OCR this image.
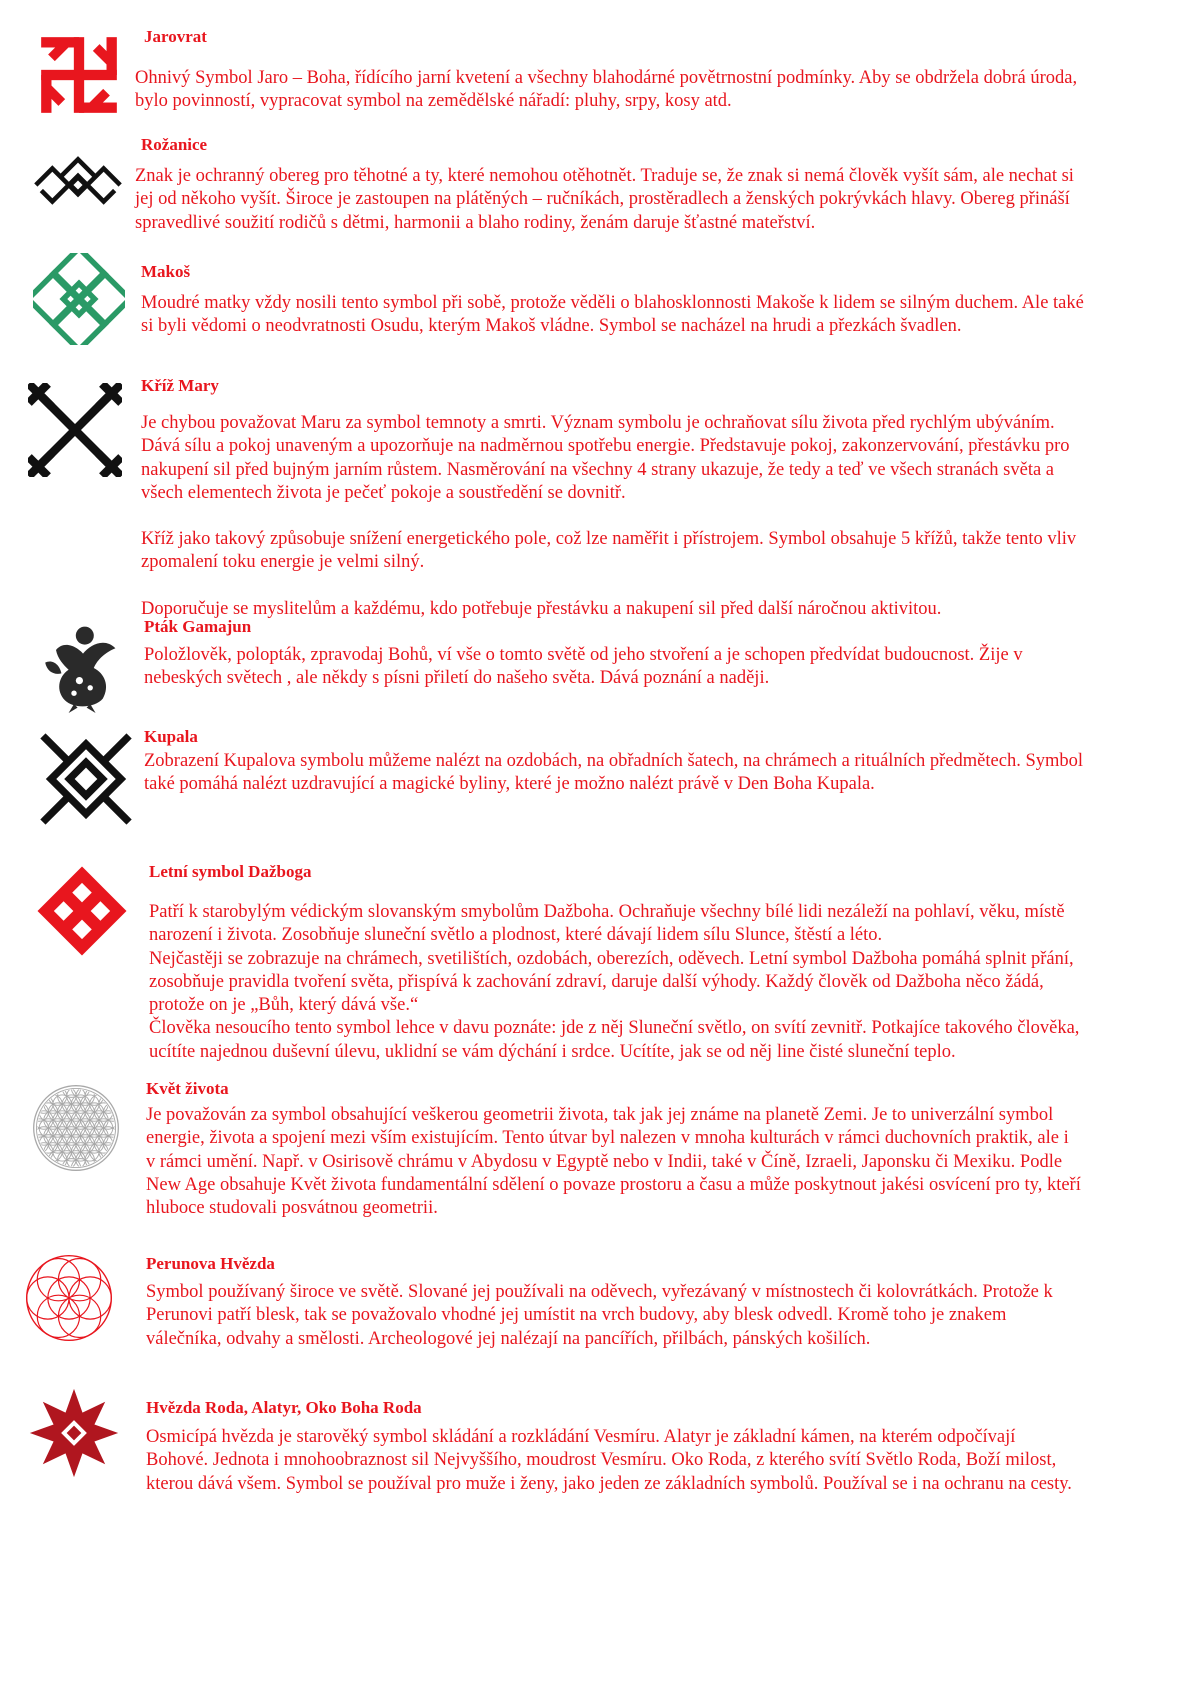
Jarovrat

Ohnivý Symbol Jaro – Boha, řídícího jarní kvetení a všechny blahodárné povětrnostní podmínky. Aby se obdržela dobrá úroda, bylo povinností, vypracovat symbol na zemědělské nářadí: pluhy, srpy, kosy atd.

Rožanice

Znak je ochranný obereg pro těhotné a ty, které nemohou otěhotnět. Traduje se, že znak si nemá člověk vyšít sám, ale nechat si jej od někoho vyšít. Široce je zastoupen na plátěných – ručníkách, prostěradlech a ženských pokrývkách hlavy. Obereg přináší spravedlivé soužití rodičů s dětmi, harmonii a blaho rodiny, ženám daruje šťastné mateřství.

Makoš

Moudré matky vždy nosili tento symbol při sobě, protože věděli o blahosklonnosti Makoše k lidem se silným duchem. Ale také si byli vědomi o neodvratnosti Osudu, kterým Makoš vládne. Symbol se nacházel na hrudi a přezkách švadlen.

Kříž Mary

Je chybou považovat Maru za symbol temnoty a smrti. Význam symbolu je ochraňovat sílu života před rychlým ubýváním. Dává sílu a pokoj unaveným a upozorňuje na nadměrnou spotřebu energie. Představuje pokoj, zakonzervování, přestávku pro nakupení sil před bujným jarním růstem. Nasměrování na všechny 4 strany ukazuje, že tedy a teď ve všech stranách světa a všech elementech života je pečeť pokoje a soustředění se dovnitř.

Kříž jako takový způsobuje snížení energetického pole, což lze naměřit i přístrojem. Symbol obsahuje 5 křížů, takže tento vliv zpomalení toku energie je velmi silný.

Doporučuje se myslitelům a každému, kdo potřebuje přestávku a nakupení sil před další náročnou aktivitou.

Pták Gamajun

Položlověk, polopták, zpravodaj Bohů, ví vše o tomto světě od jeho stvoření a je schopen předvídat budoucnost. Žije v nebeských světech , ale někdy s písni přiletí do našeho světa. Dává poznání a naději.

Kupala

Zobrazení Kupalova symbolu můžeme nalézt na ozdobách, na obřadních šatech, na chrámech a rituálních předmětech. Symbol také pomáhá nalézt uzdravující a magické byliny, které je možno nalézt právě v Den Boha Kupala.

Letní symbol Dažboga

Patří k starobylým védickým slovanským smybolům Dažboha. Ochraňuje všechny bílé lidi nezáleží na pohlaví, věku, místě narození i života. Zosobňuje sluneční světlo a plodnost, které dávají lidem sílu Slunce, štěstí a léto.

Nejčastěji se zobrazuje na chrámech, svetilištích, ozdobách, oberezích, oděvech. Letní symbol Dažboha pomáhá splnit přání, zosobňuje pravidla tvoření světa, přispívá k zachování zdraví, daruje další výhody. Každý člověk od Dažboha něco žádá, protože on je „Bůh, který dává vše.“

Člověka nesoucího tento symbol lehce v davu poznáte: jde z něj Sluneční světlo, on svítí zevnitř. Potkajíce takového člověka, ucítíte najednou duševní úlevu, uklidní se vám dýchání i srdce. Ucítíte, jak se od něj line čisté sluneční teplo.

Květ života

Je považován za symbol obsahující veškerou geometrii života, tak jak jej známe na planetě Zemi. Je to univerzální symbol energie, života a spojení mezi vším existujícím. Tento útvar byl nalezen v mnoha kulturách v rámci duchovních praktik, ale i v rámci umění. Např. v Osirisově chrámu v Abydosu v Egyptě nebo v Indii, také v Číně, Izraeli, Japonsku či Mexiku. Podle New Age obsahuje Květ života fundamentální sdělení o povaze prostoru a času a může poskytnout jakési osvícení pro ty, kteří hluboce studovali posvátnou geometrii.

Perunova Hvězda

Symbol používaný široce ve světě. Slované jej používali na oděvech, vyřezávaný v místnostech či kolovrátkách. Protože k Perunovi patří blesk, tak se považovalo vhodné jej umístit na vrch budovy, aby blesk odvedl. Kromě toho je znakem válečníka, odvahy a smělosti. Archeologové jej nalézají na pancířích, přilbách, pánských košilích.

Hvězda Roda, Alatyr, Oko Boha Roda

Osmicípá hvězda je starověký symbol skládání a rozkládání Vesmíru. Alatyr je základní kámen, na kterém odpočívají Bohové. Jednota i mnohoobraznost sil Nejvyššího, moudrost Vesmíru. Oko Roda, z kterého svítí Světlo Roda, Boží milost, kterou dává všem. Symbol se používal pro muže i ženy, jako jeden ze základních symbolů. Používal se i na ochranu na cesty.
